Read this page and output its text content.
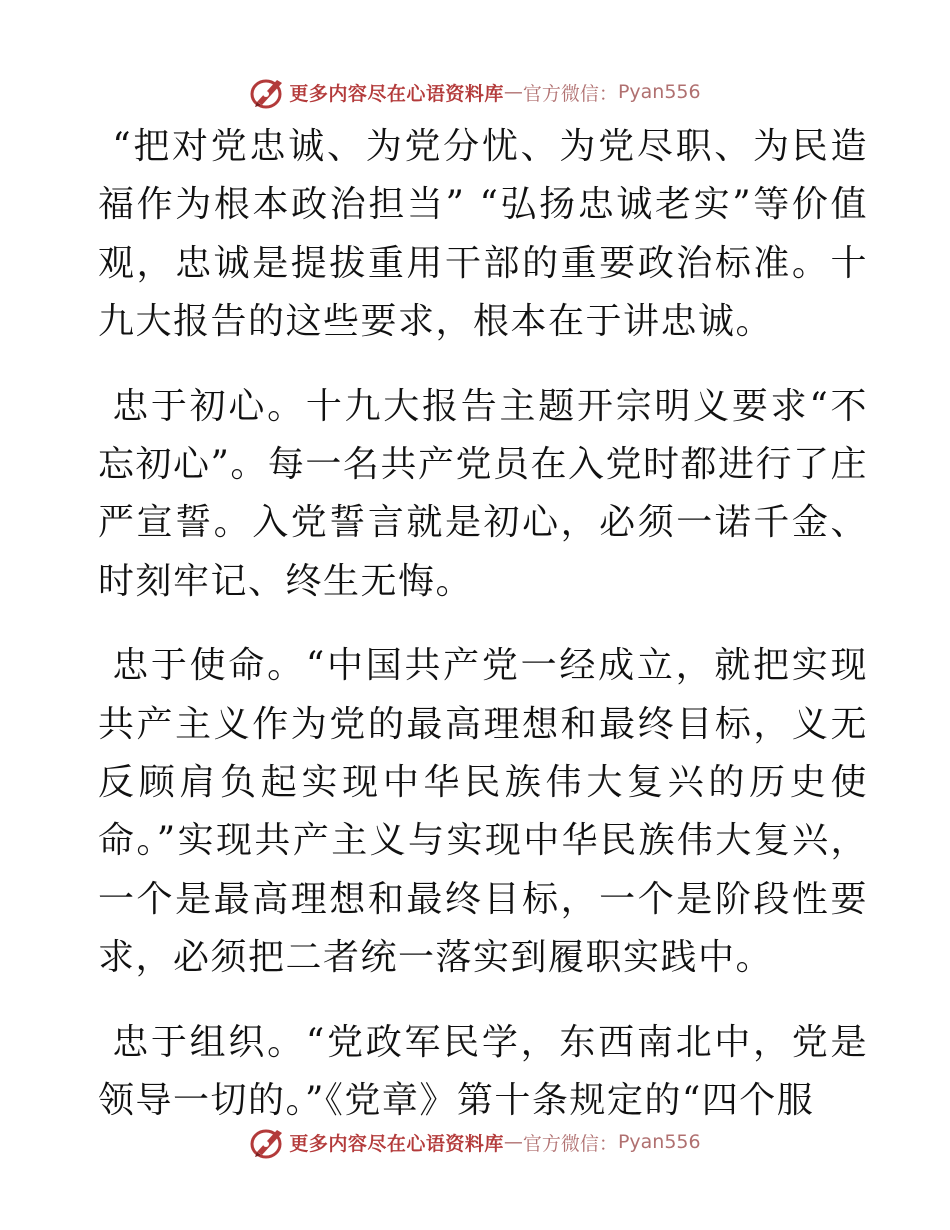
更多内容尽在心语资料库 — 官方微信： Pyan556

“把对党忠诚、为党分忧、为党尽职、为民造福作为根本政治担当” “弘扬忠诚老实”等价值观，忠诚是提拔重用干部的重要政治标准。十九大报告的这些要求，根本在于讲忠诚。

忠于初心。十九大报告主题开宗明义要求“不忘初心”。每一名共产党员在入党时都进行了庄严宣誓。入党誓言就是初心，必须一诺千金、时刻牢记、终生无悔。

忠于使命。“中国共产党一经成立，就把实现共产主义作为党的最高理想和最终目标，义无反顾肩负起实现中华民族伟大复兴的历史使命。”实现共产主义与实现中华民族伟大复兴，一个是最高理想和最终目标，一个是阶段性要求，必须把二者统一落实到履职实践中。

忠于组织。“党政军民学，东西南北中，党是领导一切的。”《党章》第十条规定的“四个服

更多内容尽在心语资料库 — 官方微信： Pyan556
